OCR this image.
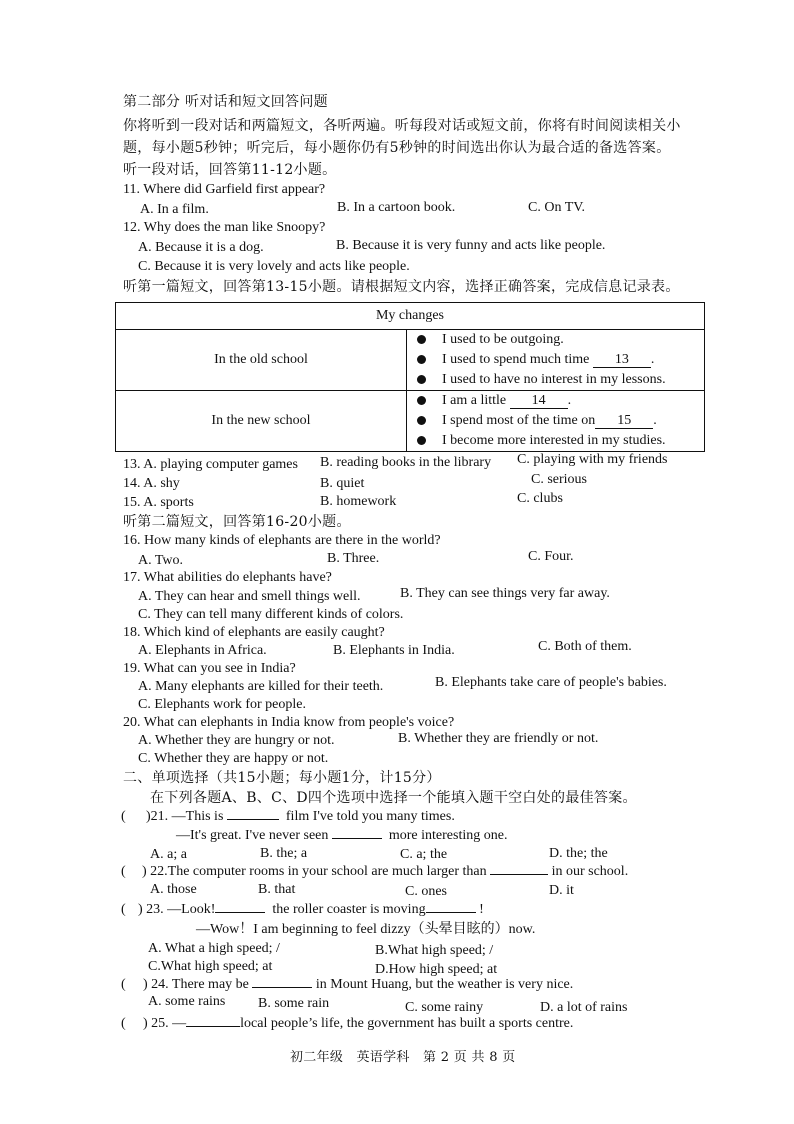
第二部分 听对话和短文回答问题
你将听到一段对话和两篇短文，各听两遍。听每段对话或短文前，你将有时间阅读相关小
题，每小题5秒钟；听完后，每小题你仍有5秒钟的时间选出你认为最合适的备选答案。
听一段对话，回答第11-12小题。
11. Where did Garfield first appear?
A. In a film.	B. In a cartoon book.	C. On TV.
12. Why does the man like Snoopy?
A. Because it is a dog.	B. Because it is very funny and acts like people.
C. Because it is very lovely and acts like people.
听第一篇短文，回答第13-15小题。请根据短文内容，选择正确答案，完成信息记录表。
My changes	
In the old school	I used to be outgoing.
I used to spend much time 13 .
I used to have no interest in my lessons.

In the new school	I am a little 14 .
I spend most of the time on 15 .
I become more interested in my studies.
13. A. playing computer games B. reading books in the library C. playing with my friends
14. A. shy	B. quiet	C. serious
15. A. sports	B. homework	C. clubs
听第二篇短文，回答第16-20小题。
16. How many kinds of elephants are there in the world?
A. Two.	B. Three.	C. Four.
17. What abilities do elephants have?
A. They can hear and smell things well.	B. They can see things very far away.
C. They can tell many different kinds of colors.
18. Which kind of elephants are easily caught?
A. Elephants in Africa.	B. Elephants in India.	C. Both of them.
19. What can you see in India?
A. Many elephants are killed for their teeth.	B. Elephants take care of people's babies.
C. Elephants work for people.
20. What can elephants in India know from people's voice?
A. Whether they are hungry or not.	B. Whether they are friendly or not.
C. Whether they are happy or not.
二、单项选择（共15小题；每小题1分，计15分）
在下列各题A、B、C、D四个选项中选择一个能填入题干空白处的最佳答案。
( )21. —This is	film I've told you many times.
—It's great. I've never seen	more interesting one.
A. a; a	B. the; a	C. a; the	D. the; the
( ) 22.The computer rooms in your school are much larger than	in our school.
A. those	B. that	C. ones	D. it
( ) 23. —Look!	the roller coaster is moving	!
—Wow！I am beginning to feel dizzy（头晕目眩的）now.
A. What a high speed; /	B.What high speed; /
C.What high speed; at	D.How high speed; at
( ) 24. There may be	in Mount Huang, but the weather is very nice.
A. some rains B. some rain	C. some rainy	D. a lot of rains
( ) 25. —	local people’s life, the government has built a sports centre.
初二年级　英语学科　第 2 页 共 8 页
